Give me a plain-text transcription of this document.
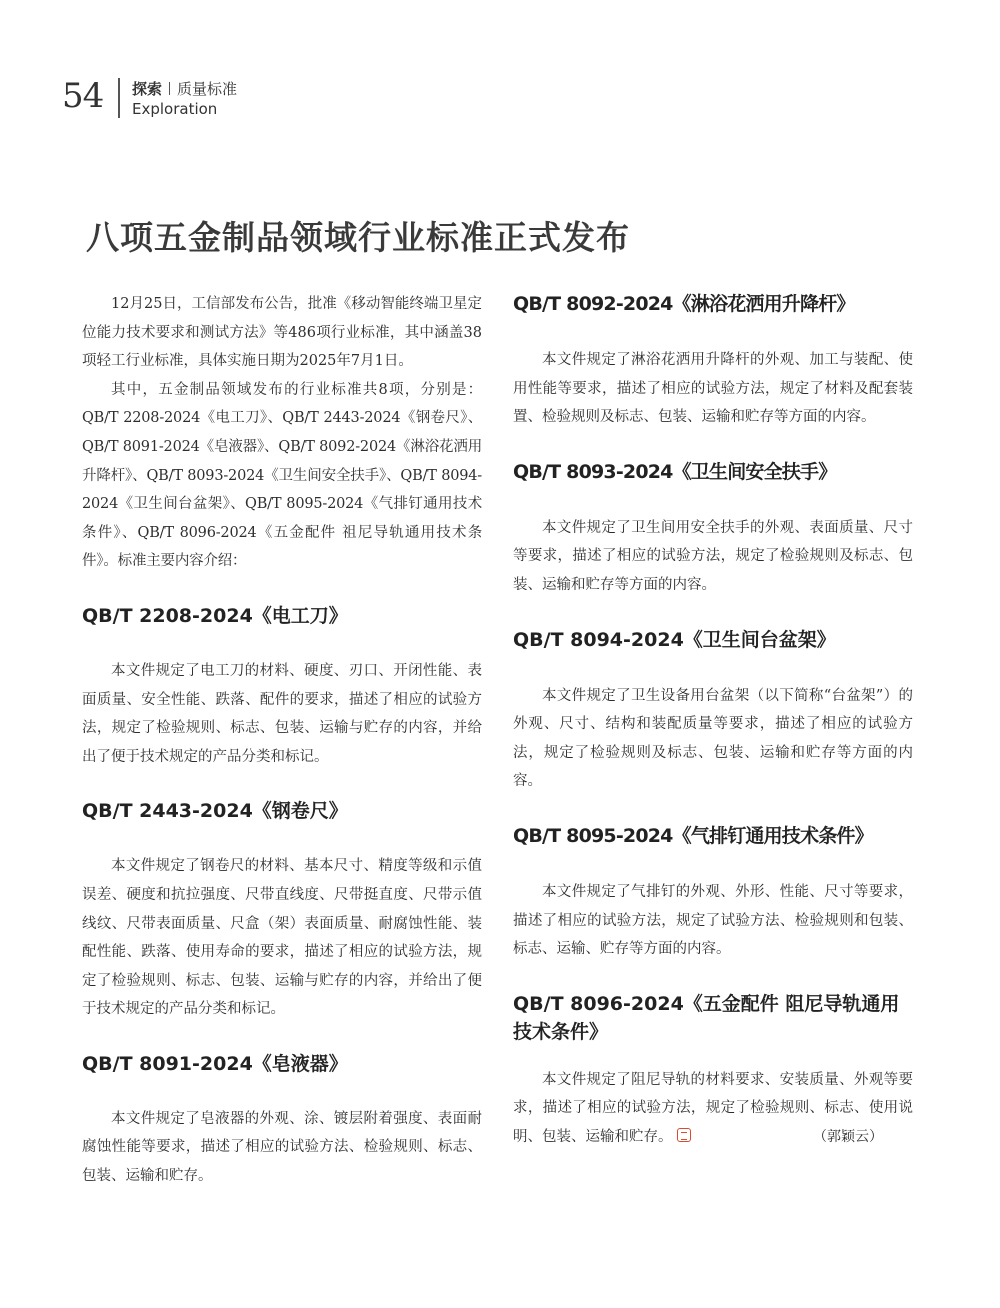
54 探索 质量标准
Exploration
八项五金制品领域行业标准正式发布

12月25日，工信部发布公告，批准《移动智能终端卫星定位能力技术要求和测试方法》等486项行业标准，其中涵盖38项轻工行业标准，具体实施日期为2025年7月1日。

其中，五金制品领域发布的行业标准共8项，分别是：QB/T 2208-2024《电工刀》、QB/T 2443-2024《钢卷尺》、QB/T 8091-2024《皂液器》、QB/T 8092-2024《淋浴花洒用升降杆》、QB/T 8093-2024《卫生间安全扶手》、QB/T 8094-2024《卫生间台盆架》、QB/T 8095-2024《气排钉通用技术条件》、QB/T 8096-2024《五金配件 祖尼导轨通用技术条件》。标准主要内容介绍：

QB/T 2208-2024《电工刀》

本文件规定了电工刀的材料、硬度、刃口、开闭性能、表面质量、安全性能、跌落、配件的要求，描述了相应的试验方法，规定了检验规则、标志、包装、运输与贮存的内容，并给出了便于技术规定的产品分类和标记。

QB/T 2443-2024《钢卷尺》

本文件规定了钢卷尺的材料、基本尺寸、精度等级和示值误差、硬度和抗拉强度、尺带直线度、尺带挺直度、尺带示值线纹、尺带表面质量、尺盒（架）表面质量、耐腐蚀性能、装配性能、跌落、使用寿命的要求，描述了相应的试验方法，规定了检验规则、标志、包装、运输与贮存的内容，并给出了便于技术规定的产品分类和标记。

QB/T 8091-2024《皂液器》

本文件规定了皂液器的外观、涂、镀层附着强度、表面耐腐蚀性能等要求，描述了相应的试验方法、检验规则、标志、包装、运输和贮存。

QB/T 8092-2024《淋浴花洒用升降杆》

本文件规定了淋浴花洒用升降杆的外观、加工与装配、使用性能等要求，描述了相应的试验方法，规定了材料及配套装置、检验规则及标志、包装、运输和贮存等方面的内容。

QB/T 8093-2024《卫生间安全扶手》

本文件规定了卫生间用安全扶手的外观、表面质量、尺寸等要求，描述了相应的试验方法，规定了检验规则及标志、包装、运输和贮存等方面的内容。

QB/T 8094-2024《卫生间台盆架》

本文件规定了卫生设备用台盆架（以下简称“台盆架”）的外观、尺寸、结构和装配质量等要求，描述了相应的试验方法，规定了检验规则及标志、包装、运输和贮存等方面的内容。

QB/T 8095-2024《气排钉通用技术条件》

本文件规定了气排钉的外观、外形、性能、尺寸等要求，描述了相应的试验方法，规定了试验方法、检验规则和包装、标志、运输、贮存等方面的内容。

QB/T 8096-2024《五金配件 阻尼导轨通用技术条件》

本文件规定了阻尼导轨的材料要求、安装质量、外观等要求，描述了相应的试验方法，规定了检验规则、标志、使用说明、包装、运输和贮存。	（郭颖云）
